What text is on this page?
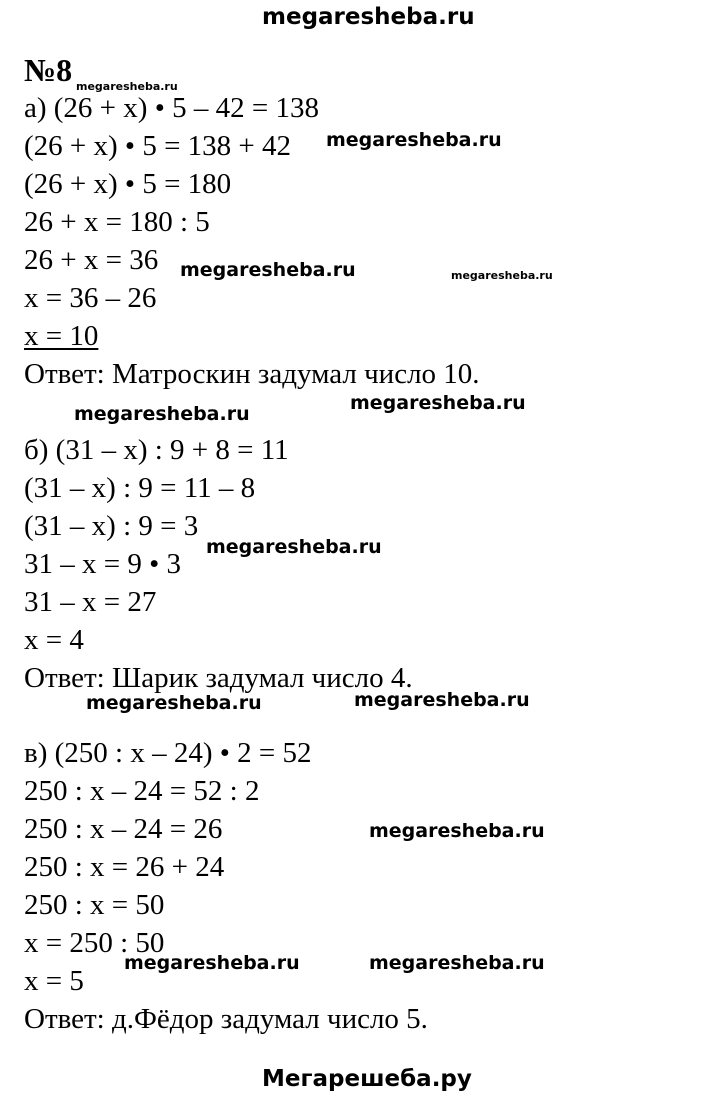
megaresheba.ru
№8 megaresheba.ru
а) (26 + х) • 5 – 42 = 138
(26 + х) • 5 = 138 + 42
(26 + х) • 5 = 180
26 + х = 180 : 5
26 + х = 36
х = 36 – 26
х = 10
Ответ: Матроскин задумал число 10.
б) (31 – х) : 9 + 8 = 11
(31 – х) : 9 = 11 – 8
(31 – х) : 9 = 3
31 – х = 9 • 3
31 – х = 27
х = 4
Ответ: Шарик задумал число 4.
в) (250 : х – 24) • 2 = 52
250 : х – 24 = 52 : 2
250 : х – 24 = 26
250 : х = 26 + 24
250 : х = 50
х = 250 : 50
х = 5
Ответ: д.Фёдор задумал число 5.
megaresheba.ru
megaresheba.ru	megaresheba.ru
megaresheba.ru
megaresheba.ru
megaresheba.ru
megaresheba.ru	megaresheba.ru
megaresheba.ru
megaresheba.ru	megaresheba.ru
Мегарешеба.ру
